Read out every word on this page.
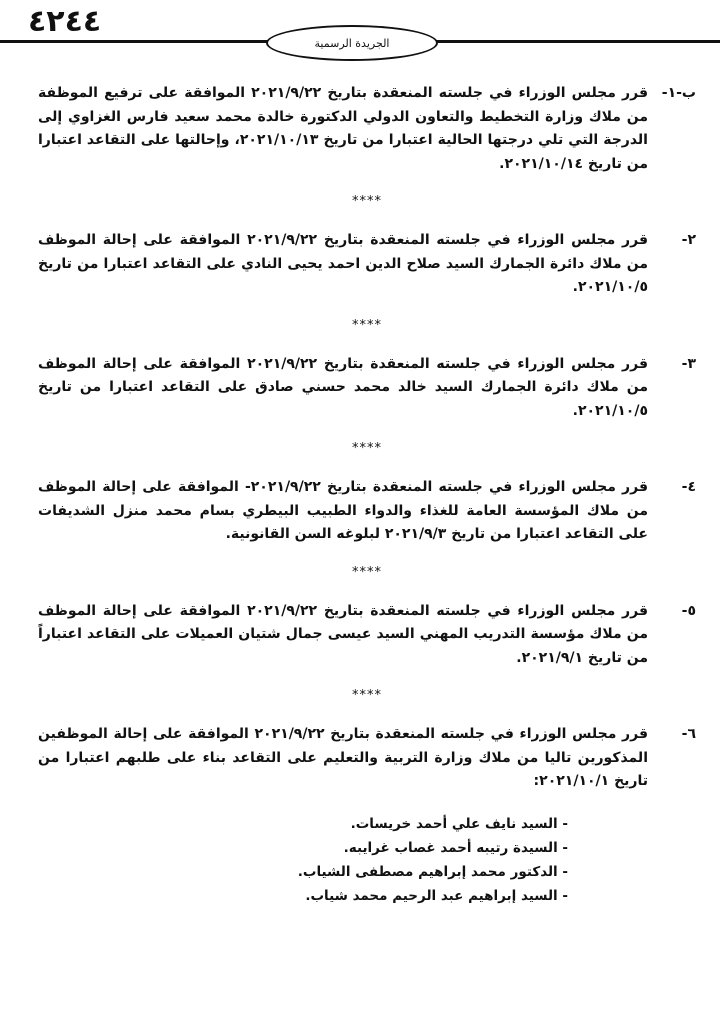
٤٢٤٤
الجريدة الرسمية
ب-١-
قرر مجلس الوزراء في جلسته المنعقدة بتاريخ ٢٠٢١/٩/٢٢ الموافقة على ترفيع الموظفة من ملاك وزارة التخطيط والتعاون الدولي الدكتورة خالدة محمد سعيد فارس الغزاوي إلى الدرجة التي تلي درجتها الحالية اعتبارا من تاريخ ٢٠٢١/١٠/١٣، وإحالتها على التقاعد اعتبارا من تاريخ ٢٠٢١/١٠/١٤.
****
٢-
قرر مجلس الوزراء في جلسته المنعقدة بتاريخ ٢٠٢١/٩/٢٢ الموافقة على إحالة الموظف من ملاك دائرة الجمارك السيد صلاح الدين احمد يحيى النادي على التقاعد اعتبارا من تاريخ ٢٠٢١/١٠/٥.
****
٣-
قرر مجلس الوزراء في جلسته المنعقدة بتاريخ ٢٠٢١/٩/٢٢ الموافقة على إحالة الموظف من ملاك دائرة الجمارك السيد خالد محمد حسني صادق على التقاعد اعتبارا من تاريخ ٢٠٢١/١٠/٥.
****
٤-
قرر مجلس الوزراء في جلسته المنعقدة بتاريخ ٢٠٢١/٩/٢٢- الموافقة على إحالة الموظف من ملاك المؤسسة العامة للغذاء والدواء الطبيب البيطري بسام محمد منزل الشديفات على التقاعد اعتبارا من تاريخ ٢٠٢١/٩/٣ لبلوغه السن القانونية.
****
٥-
قرر مجلس الوزراء في جلسته المنعقدة بتاريخ ٢٠٢١/٩/٢٢ الموافقة على إحالة الموظف من ملاك مؤسسة التدريب المهني السيد عيسى جمال شتيان العميلات على التقاعد اعتباراً من تاريخ ٢٠٢١/٩/١.
****
٦-
قرر مجلس الوزراء في جلسته المنعقدة بتاريخ ٢٠٢١/٩/٢٢ الموافقة على إحالة الموظفين المذكورين تاليا من ملاك وزارة التربية والتعليم على التقاعد بناء على طلبهم اعتبارا من تاريخ ٢٠٢١/١٠/١:
- السيد نايف علي أحمد خريسات.
- السيدة رتيبه أحمد غصاب غرايبه.
- الدكتور محمد إبراهيم مصطفى الشياب.
- السيد إبراهيم عبد الرحيم محمد شياب.
